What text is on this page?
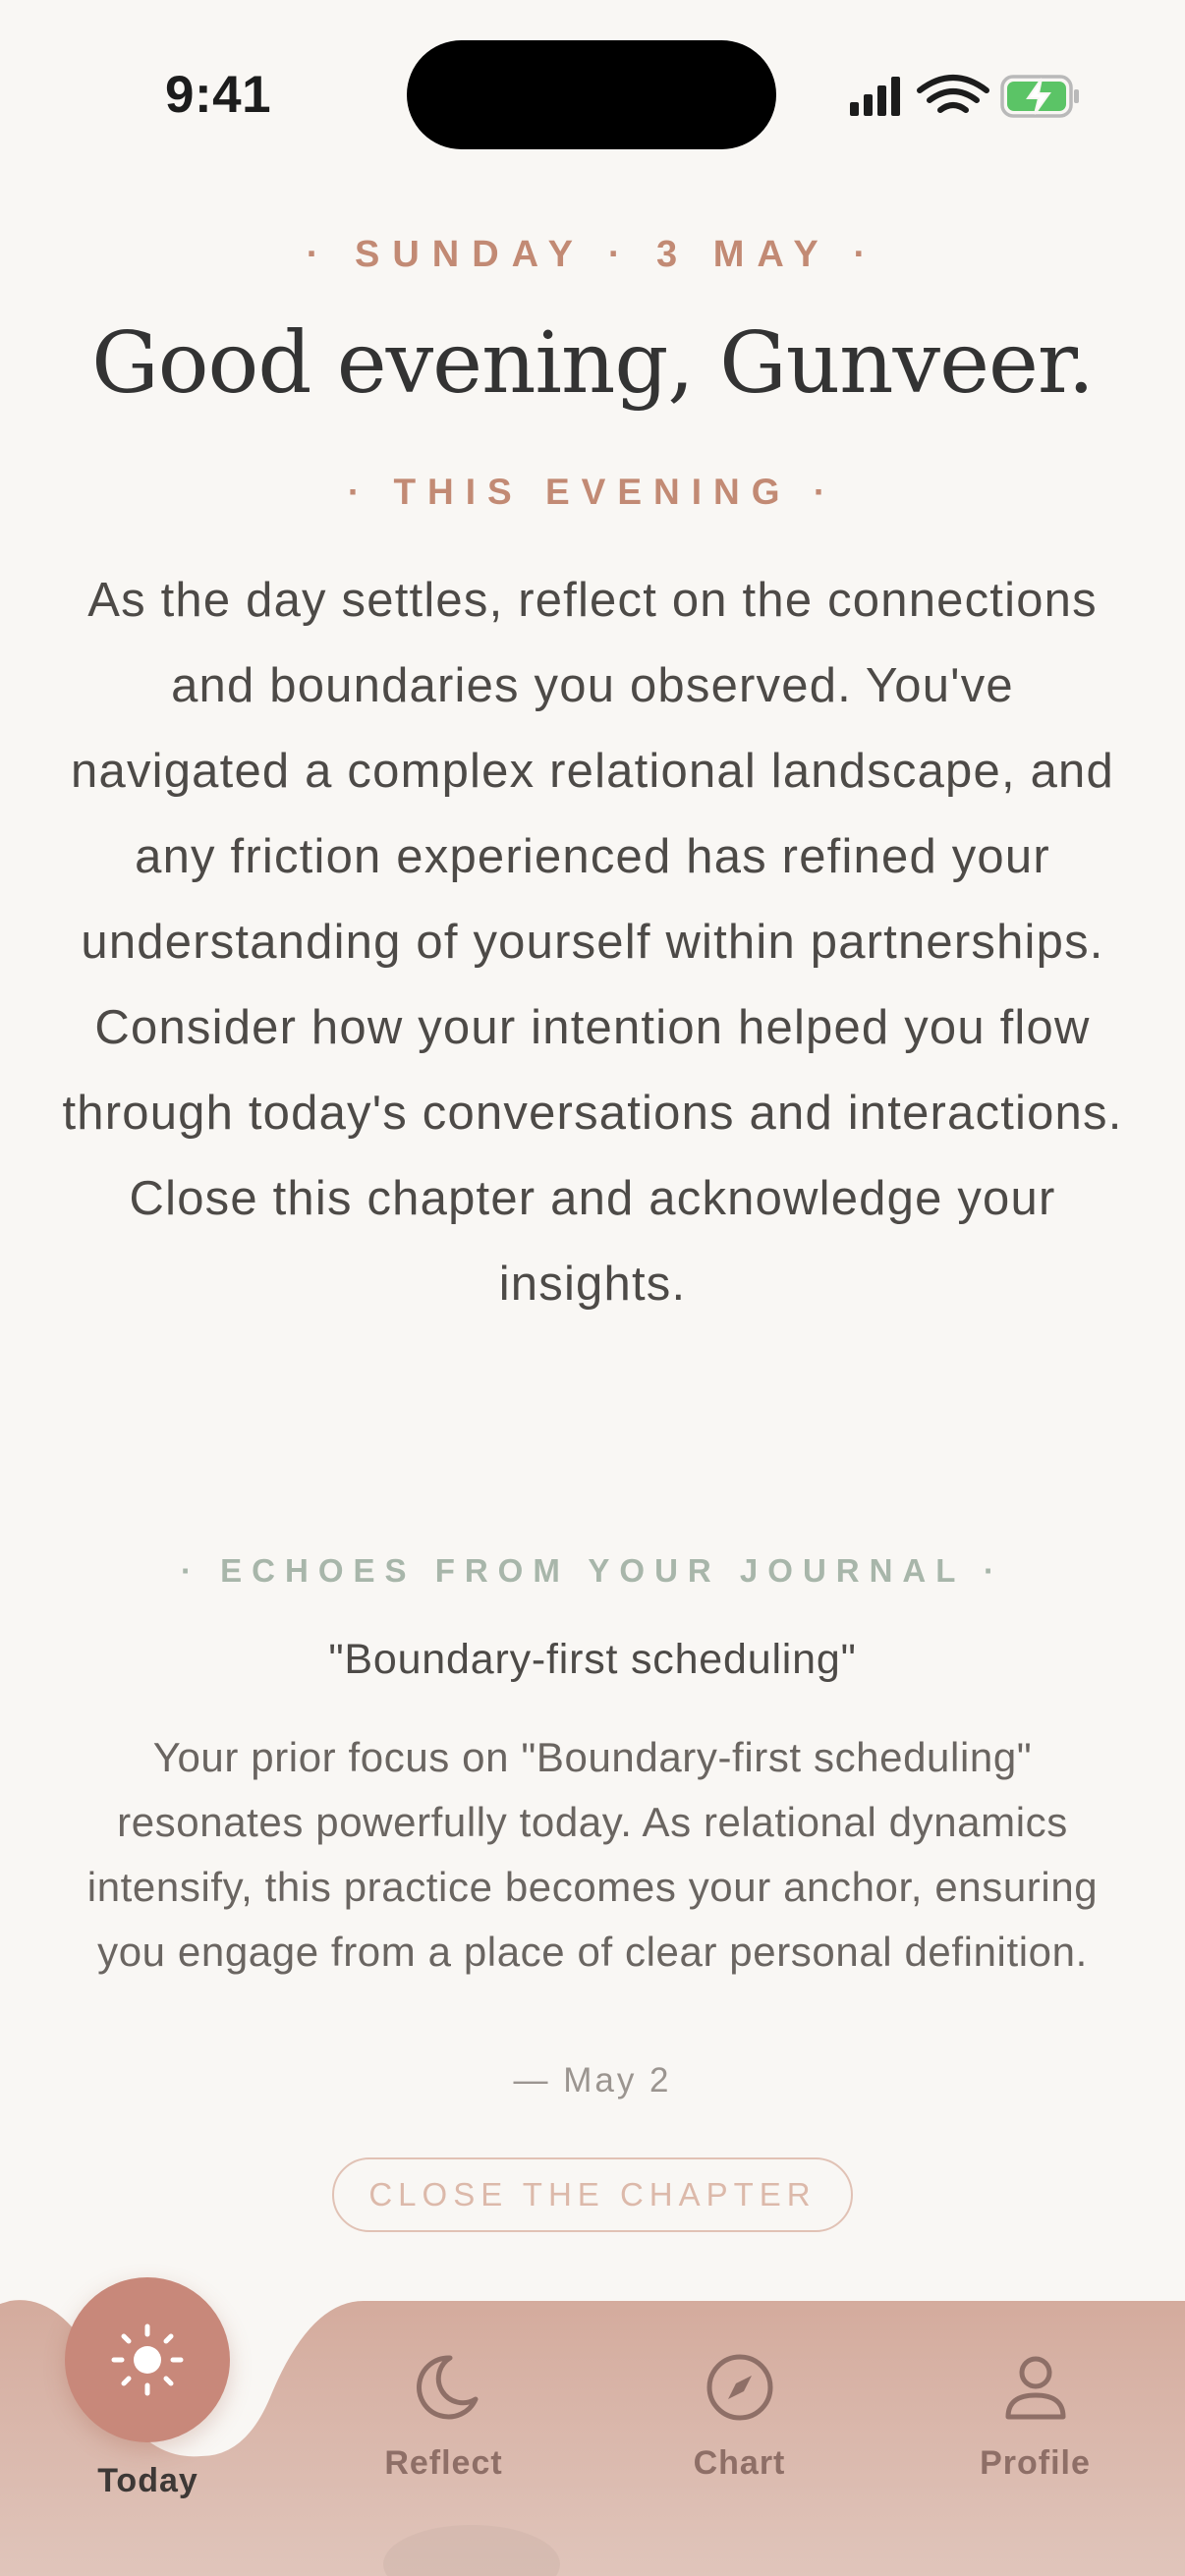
9:41
· SUNDAY · 3 MAY ·
Good evening, Gunveer.
· THIS EVENING ·
As the day settles, reflect on the connections and boundaries you observed. You've navigated a complex relational landscape, and any friction experienced has refined your understanding of yourself within partnerships. Consider how your intention helped you flow through today's conversations and interactions. Close this chapter and acknowledge your insights.
· ECHOES FROM YOUR JOURNAL ·
"Boundary-first scheduling"
Your prior focus on "Boundary-first scheduling" resonates powerfully today. As relational dynamics intensify, this practice becomes your anchor, ensuring you engage from a place of clear personal definition.
— May 2
CLOSE THE CHAPTER
Today	Reflect	Chart	Profile
